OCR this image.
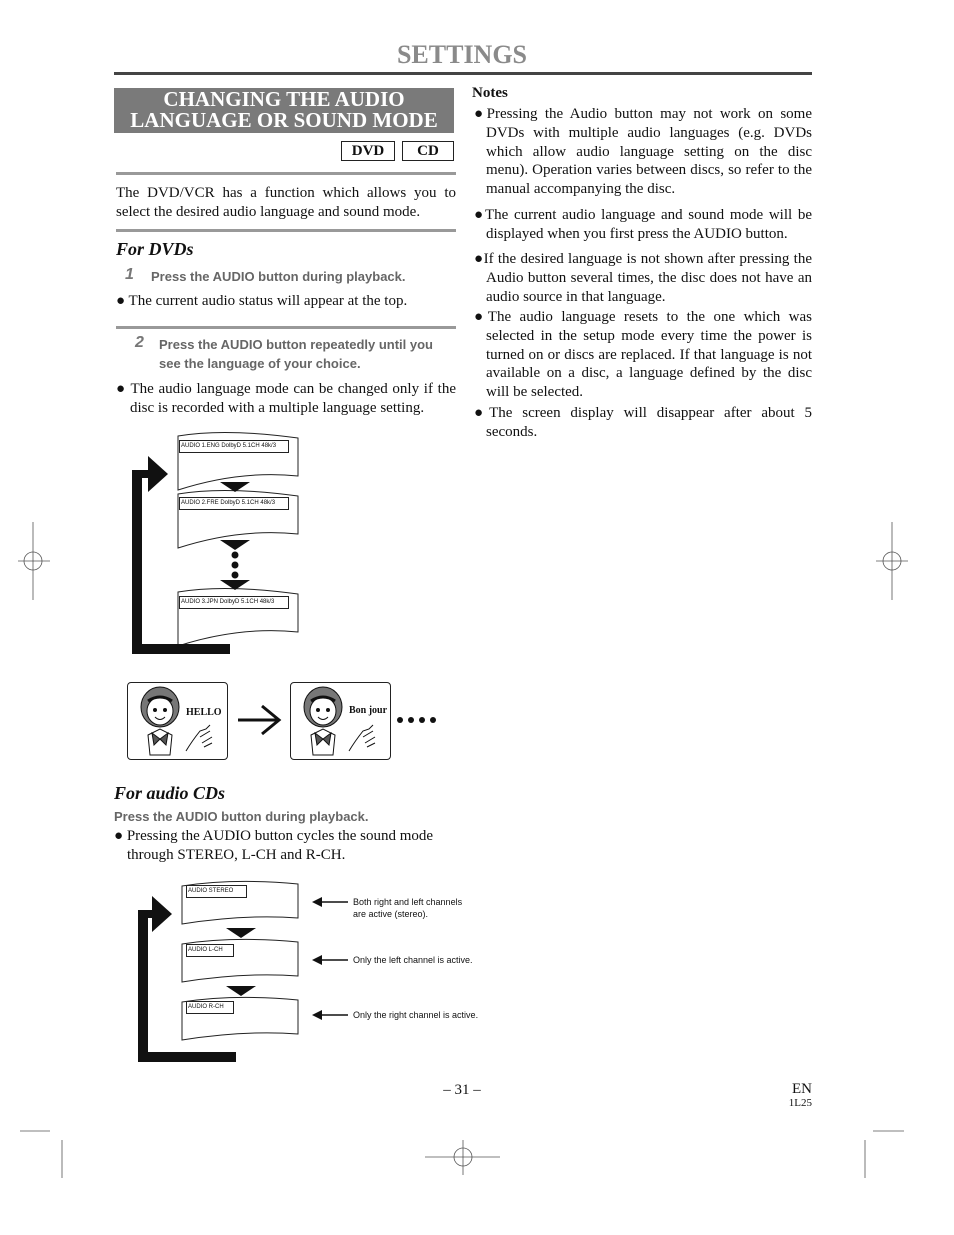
SETTINGS
CHANGING THE AUDIO
LANGUAGE OR SOUND MODE
DVD	CD
The DVD/VCR has a function which allows you to select the desired audio language and sound mode.
For DVDs
1 Press the AUDIO button during playback.
● The current audio status will appear at the top.
2 Press the AUDIO button repeatedly until you
see the language of your choice.
● The audio language mode can be changed only if the disc is recorded with a multiple language setting.
AUDIO 1.ENG DolbyD 5.1CH 48k/3
AUDIO 2.FRE DolbyD 5.1CH 48k/3
AUDIO 3.JPN DolbyD 5.1CH 48k/3
HELLO	Bon jour
For audio CDs
Press the AUDIO button during playback.
● Pressing the AUDIO button cycles the sound mode through STEREO, L-CH and R-CH.
AUDIO STEREO
AUDIO L-CH
AUDIO R-CH
Both right and left channels
are active (stereo).
Only the left channel is active.
Only the right channel is active.
Notes
●Pressing the Audio button may not work on some DVDs with multiple audio languages (e.g. DVDs which allow audio language setting on the disc menu). Operation varies between discs, so refer to the manual accompanying the disc.
●The current audio language and sound mode will be displayed when you first press the AUDIO button.
●If the desired language is not shown after pressing the Audio button several times, the disc does not have an audio source in that language.
●The audio language resets to the one which was selected in the setup mode every time the power is turned on or discs are replaced. If that language is not available on a disc, a language defined by the disc will be selected.
●The screen display will disappear after about 5 seconds.
– 31 –	EN
1L25
